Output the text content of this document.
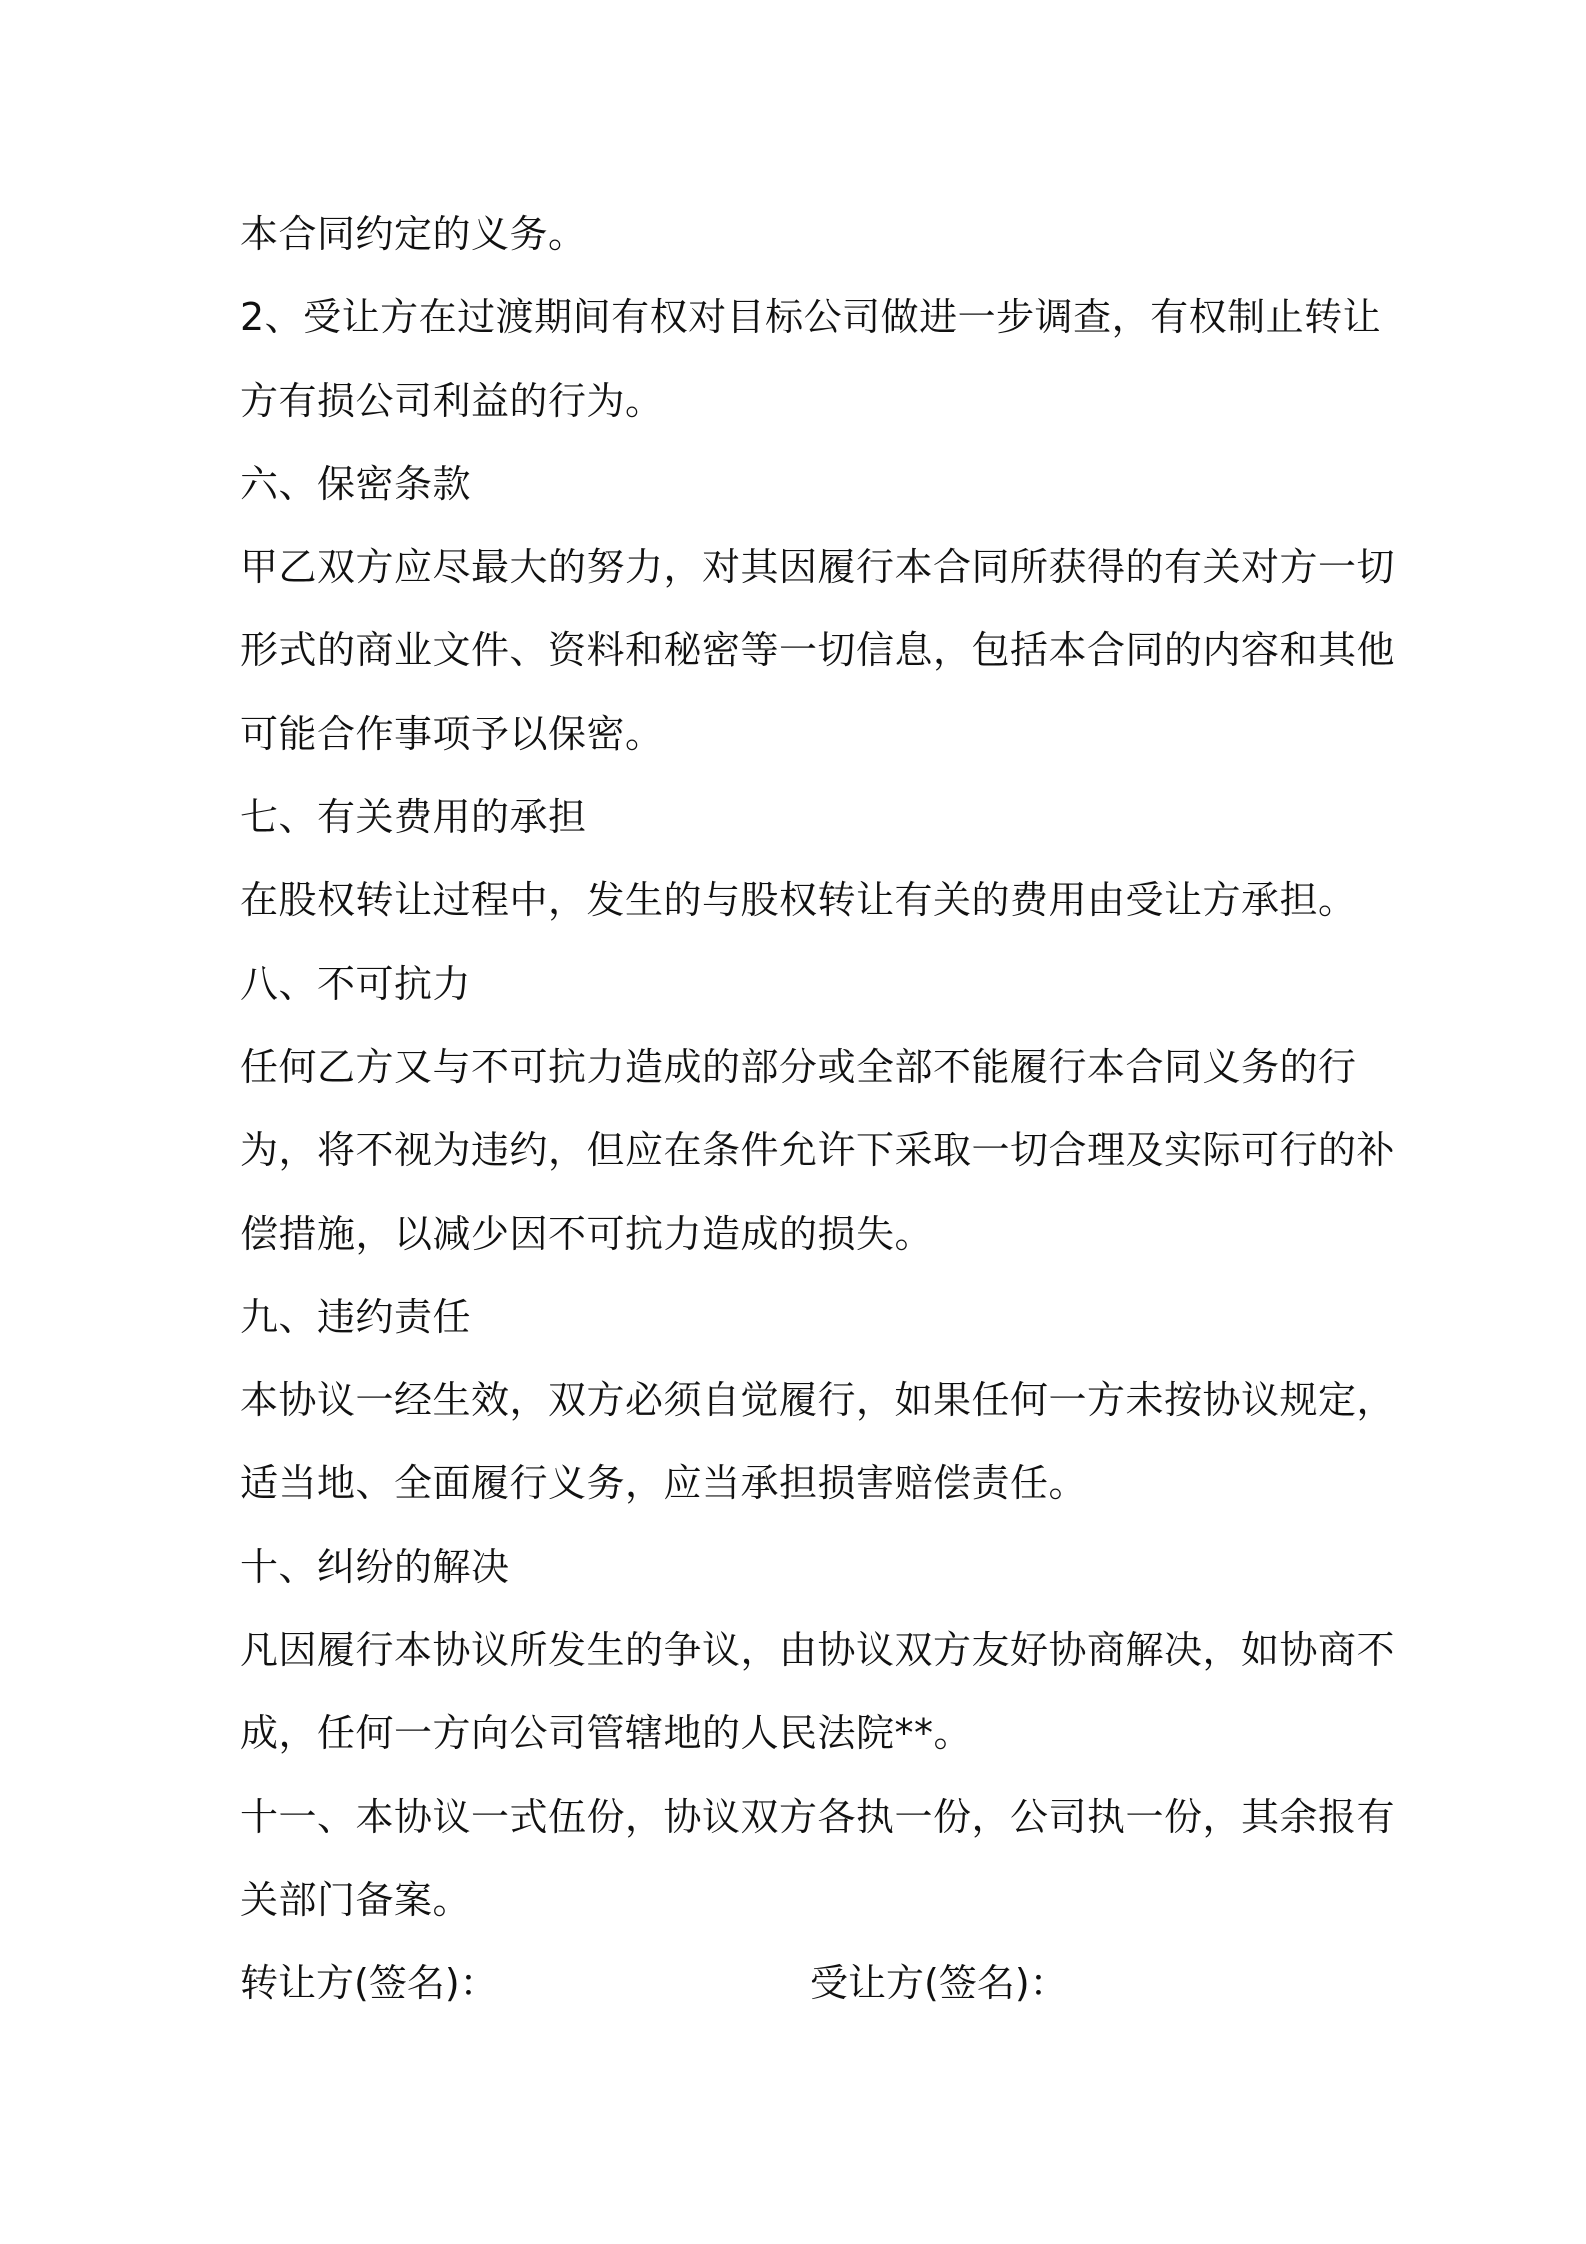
本合同约定的义务。
2、受让方在过渡期间有权对目标公司做进一步调查，有权制止转让
方有损公司利益的行为。
六、保密条款
甲乙双方应尽最大的努力，对其因履行本合同所获得的有关对方一切
形式的商业文件、资料和秘密等一切信息，包括本合同的内容和其他
可能合作事项予以保密。
七、有关费用的承担
在股权转让过程中，发生的与股权转让有关的费用由受让方承担。
八、不可抗力
任何乙方又与不可抗力造成的部分或全部不能履行本合同义务的行
为，将不视为违约，但应在条件允许下采取一切合理及实际可行的补
偿措施，以减少因不可抗力造成的损失。
九、违约责任
本协议一经生效，双方必须自觉履行，如果任何一方未按协议规定，
适当地、全面履行义务，应当承担损害赔偿责任。
十、纠纷的解决
凡因履行本协议所发生的争议，由协议双方友好协商解决，如协商不
成，任何一方向公司管辖地的人民法院**。
十一、本协议一式伍份，协议双方各执一份，公司执一份，其余报有
关部门备案。
转让方(签名)：	受让方(签名)：
